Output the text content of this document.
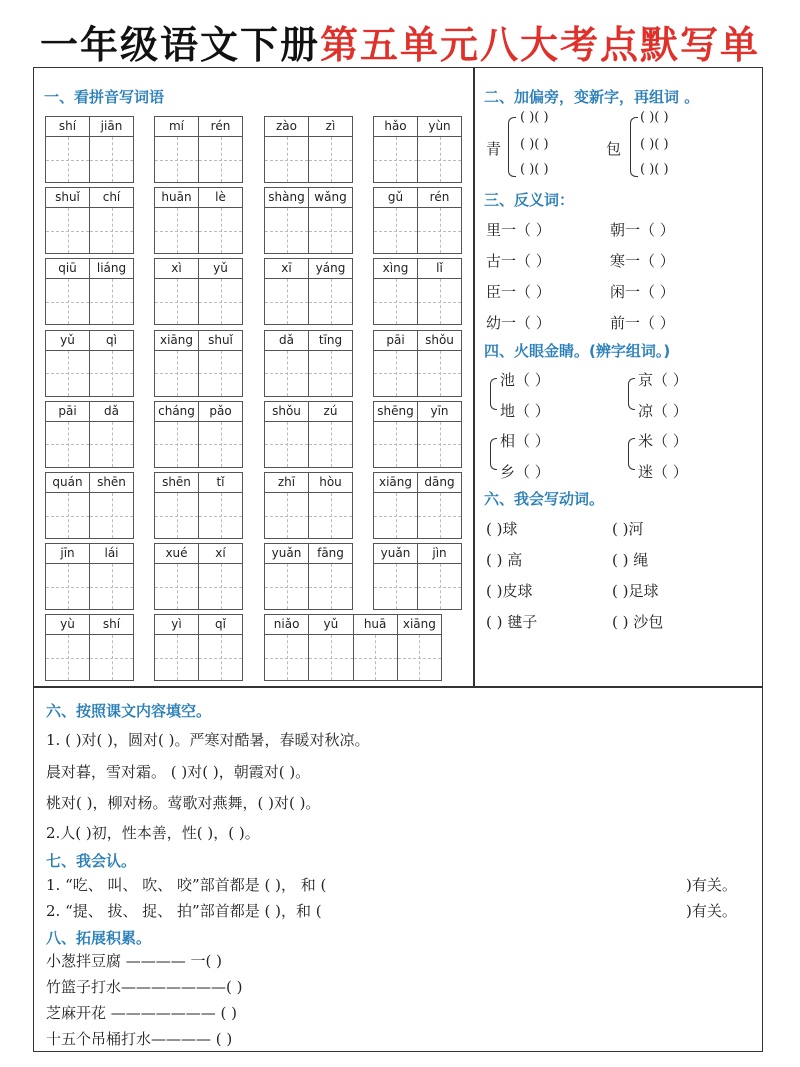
一年级语文下册第五单元八大考点默写单
一、看拼音写词语
shí	jiān	mí	rén	zào	zì	hǎo	yùn
shuǐ	chí	huān	lè	shàng wǎng	gǔ	rén
qiū	liáng	xì	yǔ	xī	yáng	xìng	lǐ
yǔ	qì	xiāng	shuǐ	dǎ	tīng	pāi	shǒu
pāi	dǎ	cháng	pǎo	shǒu	zú	shēng	yīn
quán	shēn	shēn	tǐ	zhī	hòu	xiāng	dāng
jīn	lái	xué	xí	yuǎn	fāng	yuǎn	jìn
yù	shí	yì	qǐ	niǎo	yǔ	huā	xiāng
二、加偏旁，变新字，再组词 。
青
( )( )
( )( )
( )( )
包
( )( )
( )( )
( )( )
三、反义词：
里一（ ）	朝一（ ）
古一（ ）	寒一（ ）
臣一（ ）	闲一（ ）
幼一（ ）	前一（ ）
四、火眼金睛。(辨字组词。)
池（ ）
地（ ）
京（ ）
凉（ ）
相（ ）
乡（ ）
米（ ）
迷（ ）
六、我会写动词。
( )球	( )河
( ) 高	( ) 绳
( )皮球	( )足球
( ) 毽子	( ) 沙包
六、按照课文内容填空。
1. ( )对( )，圆对( )。严寒对酷暑，春暖对秋凉。
晨对暮，雪对霜。 ( )对( )，朝霞对( )。
桃对( )，柳对杨。莺歌对燕舞，( )对( )。
2.人( )初，性本善，性( )，( )。
七、我会认。
1. “吃、 叫、 吹、 咬”部首都是 ( )， 和 (	)有关。
2. “提、 拔、 捉、 拍”部首都是 ( )，和 (	)有关。
八、拓展积累。
小葱拌豆腐 ———— 一( )
竹篮子打水———————( )
芝麻开花 ——————— ( )
十五个吊桶打水———— ( )
